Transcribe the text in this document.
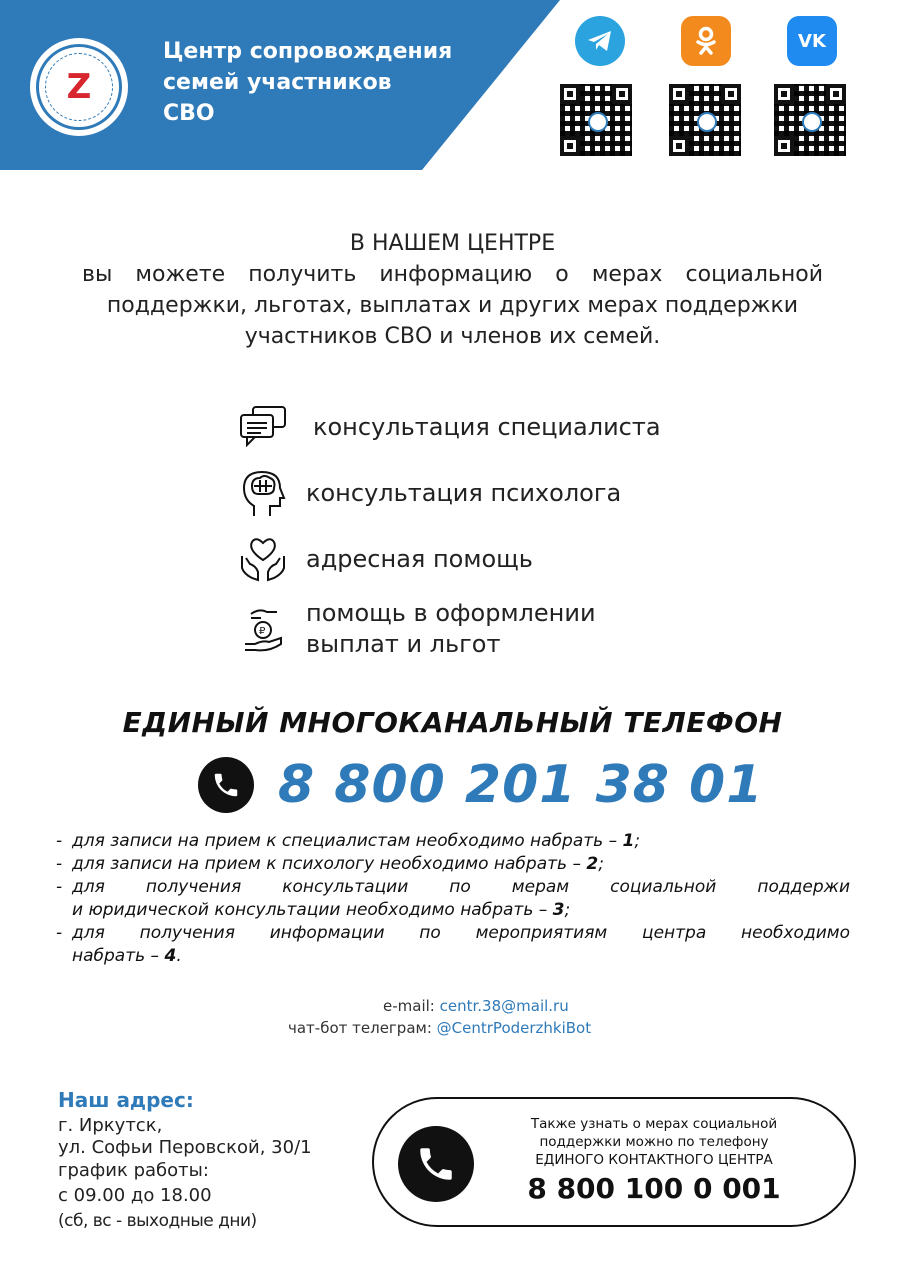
Z
Центр сопровождения
семей участников
СВО
VK
В НАШЕМ ЦЕНТРЕ
вы можете получить информацию о мерах социальной
поддержки, льготах, выплатах и других мерах поддержки
участников СВО и членов их семей.
консультация специалиста
консультация психолога
адресная помощь
₽
помощь в оформлении
выплат и льгот
ЕДИНЫЙ МНОГОКАНАЛЬНЫЙ ТЕЛЕФОН
8 800 201 38 01
- для записи на прием к специалистам необходимо набрать – 1;
- для записи на прием к психологу необходимо набрать – 2;
- для получения консультации по мерам социальной поддержи
и юридической консультации необходимо набрать – 3;
- для получения информации по мероприятиям центра необходимо
набрать – 4.
e-mail: centr.38@mail.ru
чат-бот телеграм: @CentrPoderzhkiBot
Наш адрес:
г. Иркутск,
ул. Софьи Перовской, 30/1
график работы:
с 09.00 до 18.00
(сб, вс - выходные дни)
Также узнать о мерах социальной
поддержки можно по телефону
ЕДИНОГО КОНТАКТНОГО ЦЕНТРА
8 800 100 0 001
